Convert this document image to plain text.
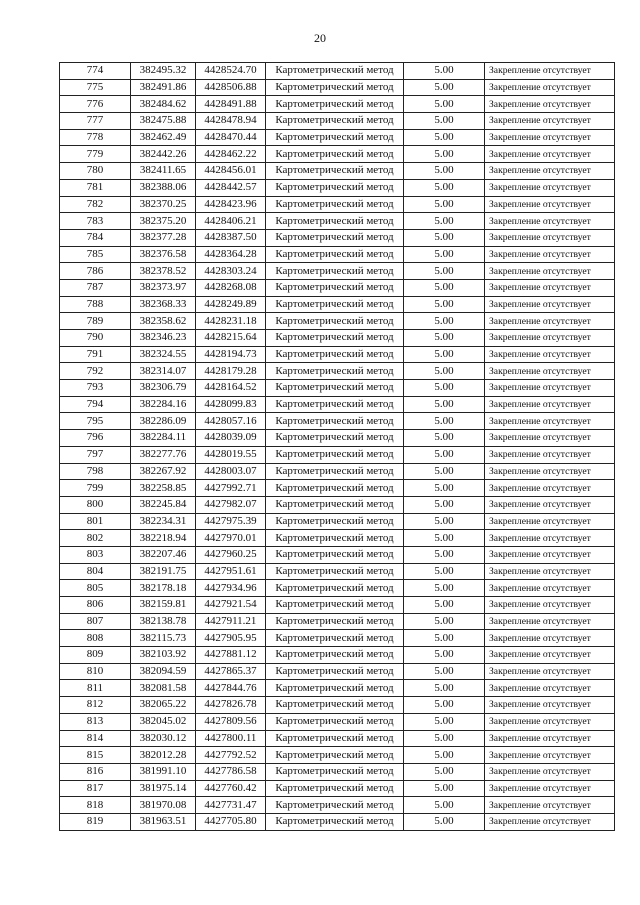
20
774	382495.32	4428524.70	Картометрический метод	5.00	Закрепление отсутствует
775	382491.86	4428506.88	Картометрический метод	5.00	Закрепление отсутствует
776	382484.62	4428491.88	Картометрический метод	5.00	Закрепление отсутствует
777	382475.88	4428478.94	Картометрический метод	5.00	Закрепление отсутствует
778	382462.49	4428470.44	Картометрический метод	5.00	Закрепление отсутствует
779	382442.26	4428462.22	Картометрический метод	5.00	Закрепление отсутствует
780	382411.65	4428456.01	Картометрический метод	5.00	Закрепление отсутствует
781	382388.06	4428442.57	Картометрический метод	5.00	Закрепление отсутствует
782	382370.25	4428423.96	Картометрический метод	5.00	Закрепление отсутствует
783	382375.20	4428406.21	Картометрический метод	5.00	Закрепление отсутствует
784	382377.28	4428387.50	Картометрический метод	5.00	Закрепление отсутствует
785	382376.58	4428364.28	Картометрический метод	5.00	Закрепление отсутствует
786	382378.52	4428303.24	Картометрический метод	5.00	Закрепление отсутствует
787	382373.97	4428268.08	Картометрический метод	5.00	Закрепление отсутствует
788	382368.33	4428249.89	Картометрический метод	5.00	Закрепление отсутствует
789	382358.62	4428231.18	Картометрический метод	5.00	Закрепление отсутствует
790	382346.23	4428215.64	Картометрический метод	5.00	Закрепление отсутствует
791	382324.55	4428194.73	Картометрический метод	5.00	Закрепление отсутствует
792	382314.07	4428179.28	Картометрический метод	5.00	Закрепление отсутствует
793	382306.79	4428164.52	Картометрический метод	5.00	Закрепление отсутствует
794	382284.16	4428099.83	Картометрический метод	5.00	Закрепление отсутствует
795	382286.09	4428057.16	Картометрический метод	5.00	Закрепление отсутствует
796	382284.11	4428039.09	Картометрический метод	5.00	Закрепление отсутствует
797	382277.76	4428019.55	Картометрический метод	5.00	Закрепление отсутствует
798	382267.92	4428003.07	Картометрический метод	5.00	Закрепление отсутствует
799	382258.85	4427992.71	Картометрический метод	5.00	Закрепление отсутствует
800	382245.84	4427982.07	Картометрический метод	5.00	Закрепление отсутствует
801	382234.31	4427975.39	Картометрический метод	5.00	Закрепление отсутствует
802	382218.94	4427970.01	Картометрический метод	5.00	Закрепление отсутствует
803	382207.46	4427960.25	Картометрический метод	5.00	Закрепление отсутствует
804	382191.75	4427951.61	Картометрический метод	5.00	Закрепление отсутствует
805	382178.18	4427934.96	Картометрический метод	5.00	Закрепление отсутствует
806	382159.81	4427921.54	Картометрический метод	5.00	Закрепление отсутствует
807	382138.78	4427911.21	Картометрический метод	5.00	Закрепление отсутствует
808	382115.73	4427905.95	Картометрический метод	5.00	Закрепление отсутствует
809	382103.92	4427881.12	Картометрический метод	5.00	Закрепление отсутствует
810	382094.59	4427865.37	Картометрический метод	5.00	Закрепление отсутствует
811	382081.58	4427844.76	Картометрический метод	5.00	Закрепление отсутствует
812	382065.22	4427826.78	Картометрический метод	5.00	Закрепление отсутствует
813	382045.02	4427809.56	Картометрический метод	5.00	Закрепление отсутствует
814	382030.12	4427800.11	Картометрический метод	5.00	Закрепление отсутствует
815	382012.28	4427792.52	Картометрический метод	5.00	Закрепление отсутствует
816	381991.10	4427786.58	Картометрический метод	5.00	Закрепление отсутствует
817	381975.14	4427760.42	Картометрический метод	5.00	Закрепление отсутствует
818	381970.08	4427731.47	Картометрический метод	5.00	Закрепление отсутствует
819	381963.51	4427705.80	Картометрический метод	5.00	Закрепление отсутствует
